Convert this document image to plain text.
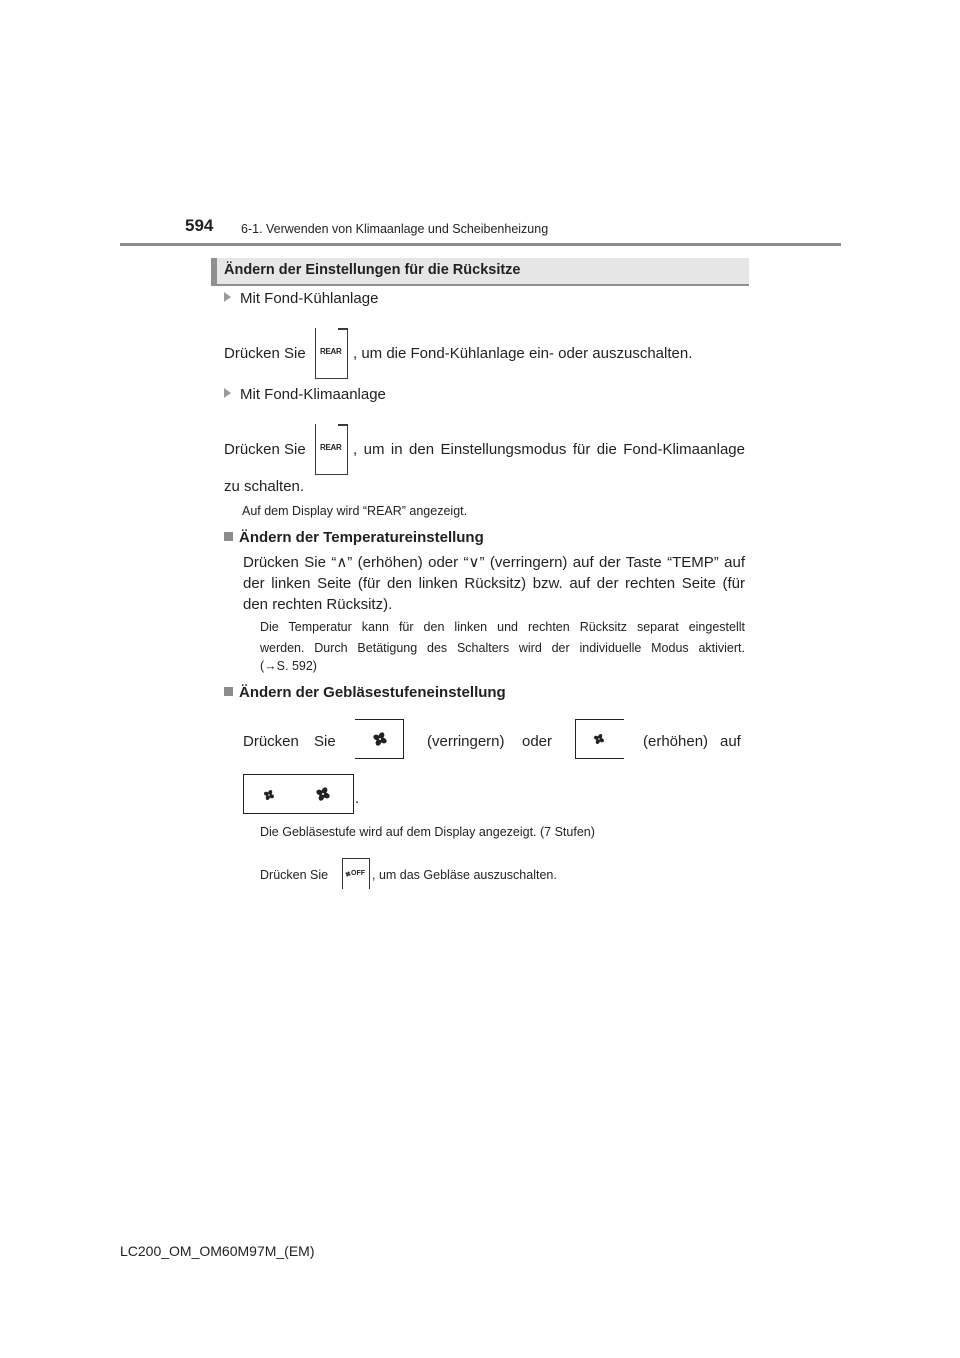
594 6-1. Verwenden von Klimaanlage und Scheibenheizung
Ändern der Einstellungen für die Rücksitze
Mit Fond-Kühlanlage
Drücken Sie REAR , um die Fond-Kühlanlage ein- oder auszuschalten.
Mit Fond-Klimaanlage
Drücken Sie REAR , um in den Einstellungsmodus für die Fond-Klimaanlage
zu schalten.
Auf dem Display wird “REAR” angezeigt.
Ändern der Temperatureinstellung
Drücken Sie “∧” (erhöhen) oder “∨” (verringern) auf der Taste “TEMP” auf
der linken Seite (für den linken Rücksitz) bzw. auf der rechten Seite (für
den rechten Rücksitz).
Die Temperatur kann für den linken und rechten Rücksitz separat eingestellt
werden. Durch Betätigung des Schalters wird der individuelle Modus aktiviert.
(→S. 592)
Ändern der Gebläsestufeneinstellung
Drücken Sie	(verringern) oder	(erhöhen) auf
.
Die Gebläsestufe wird auf dem Display angezeigt. (7 Stufen)
Drücken Sie	OFF , um das Gebläse auszuschalten.
LC200_OM_OM60M97M_(EM)
